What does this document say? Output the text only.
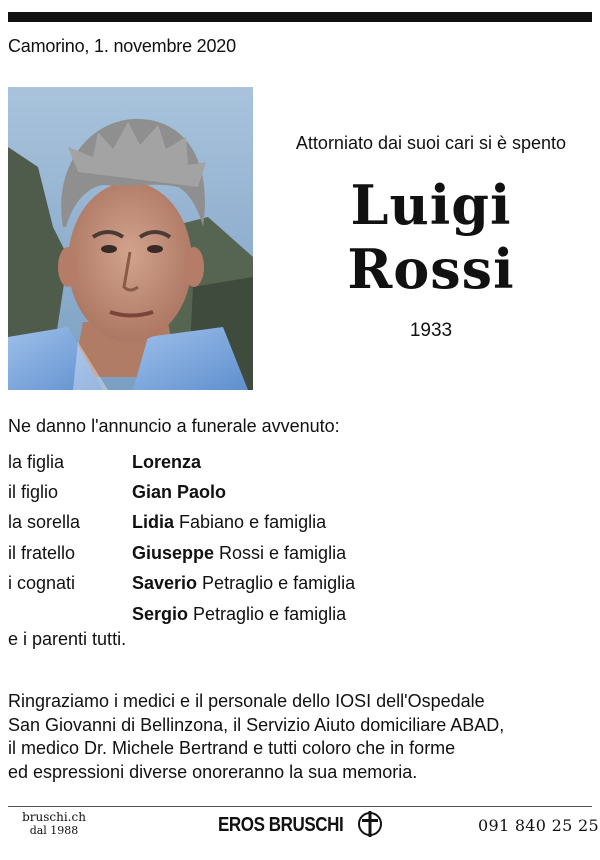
Camorino, 1. novembre 2020
Attorniato dai suoi cari si è spento
Luigi
Rossi
1933
Ne danno l'annuncio a funerale avvenuto:
la figlia	Lorenza
il figlio	Gian Paolo
la sorella	Lidia Fabiano e famiglia
il fratello	Giuseppe Rossi e famiglia
i cognati	Saverio Petraglio e famiglia
Sergio Petraglio e famiglia
e i parenti tutti.
Ringraziamo i medici e il personale dello IOSI dell'Ospedale
San Giovanni di Bellinzona, il Servizio Aiuto domiciliare ABAD,
il medico Dr. Michele Bertrand e tutti coloro che in forme
ed espressioni diverse onoreranno la sua memoria.
bruschi.ch
dal 1988	EROS BRUSCHI	091 840 25 25
